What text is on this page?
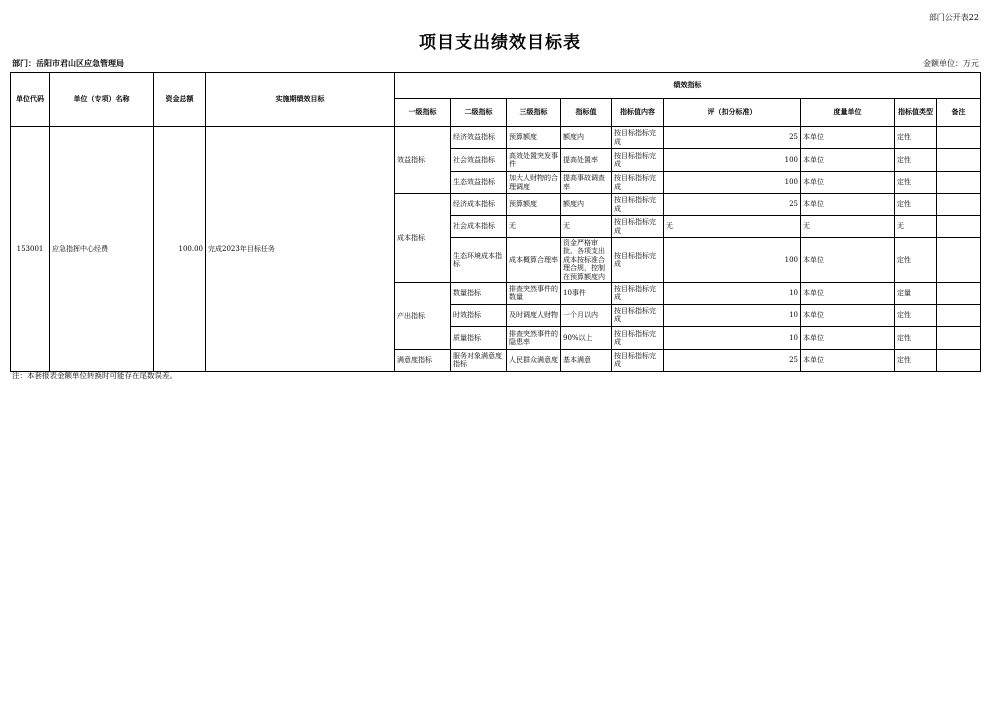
部门公开表22
项目支出绩效目标表
部门：岳阳市君山区应急管理局	金额单位：万元
单位代码	单位（专项）名称	资金总额	实施期绩效目标	绩效指标								
				一级指标	二级指标	三级指标	指标值	指标值内容	评（扣分标准）	度量单位	指标值类型	备注
153001	应急指挥中心经费	100.00	完成2023年目标任务	效益指标	经济效益指标	预算额度	额度内	按目标指标完成	25	本单位	定性	
					社会效益指标	高效处置突发事件	提高处置率	按目标指标完成	100	本单位	定性	
					生态效益指标	加大人财物的合理调度	提高事故调查率	按目标指标完成	100	本单位	定性	
				成本指标	经济成本指标	预算额度	额度内	按目标指标完成	25	本单位	定性	
					社会成本指标	无	无	按目标指标完成	无	无	无	
					生态环境成本指标	成本概算合理率	资金严格审批、各项支出成本按标准合理合规，控制在预算额度内	按目标指标完成	100	本单位	定性	
				产出指标	数量指标	排查突然事件的数量	10事件	按目标指标完成	10	本单位	定量	
					时效指标	及时调度人财物	一个月以内	按目标指标完成	10	本单位	定性	
					质量指标	排查突然事件的隐患率	90%以上	按目标指标完成	10	本单位	定性	
				满意度指标	服务对象满意度指标	人民群众满意度	基本满意	按目标指标完成	25	本单位	定性	
注：本套报表金额单位转换时可能存在尾数误差。
